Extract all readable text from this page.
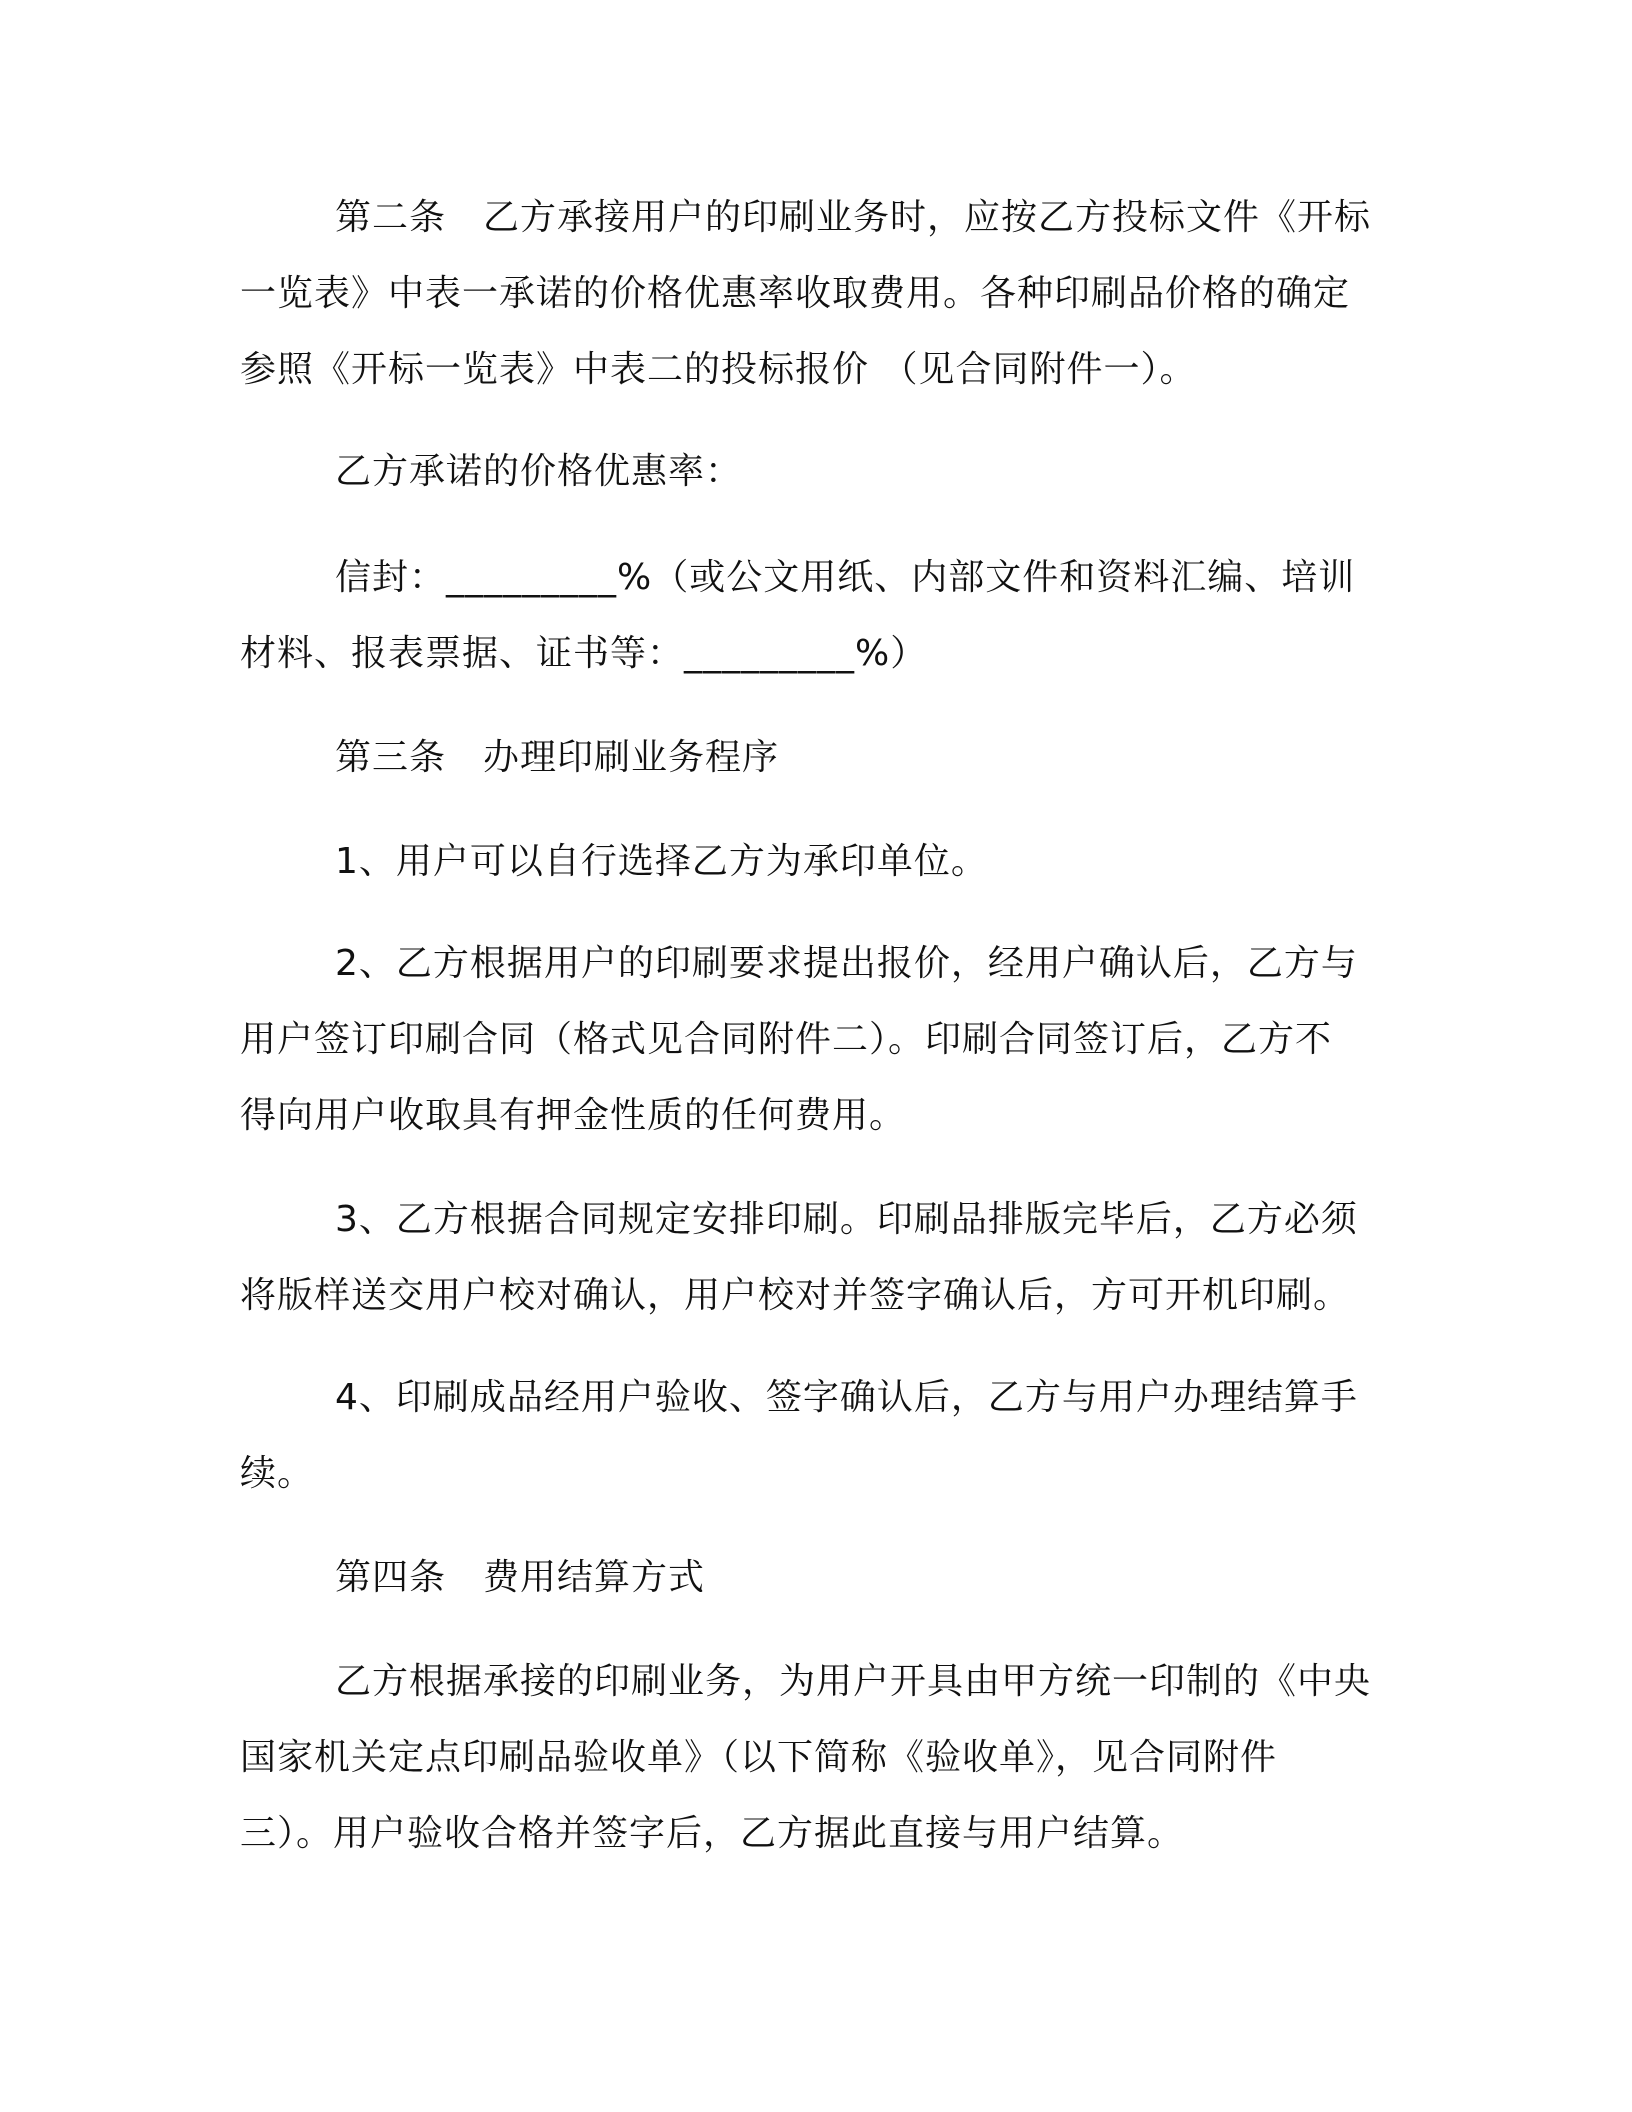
第二条　乙方承接用户的印刷业务时，应按乙方投标文件《开标

一览表》中表一承诺的价格优惠率收取费用。各种印刷品价格的确定

参照《开标一览表》中表二的投标报价 （见合同附件一）。

乙方承诺的价格优惠率：

信封：_________%（或公文用纸、内部文件和资料汇编、培训

材料、报表票据、证书等：_________%）

第三条　办理印刷业务程序

1、用户可以自行选择乙方为承印单位。

2、乙方根据用户的印刷要求提出报价，经用户确认后，乙方与

用户签订印刷合同（格式见合同附件二）。印刷合同签订后，乙方不

得向用户收取具有押金性质的任何费用。

3、乙方根据合同规定安排印刷。印刷品排版完毕后，乙方必须

将版样送交用户校对确认，用户校对并签字确认后，方可开机印刷。

4、印刷成品经用户验收、签字确认后，乙方与用户办理结算手

续。

第四条　费用结算方式

乙方根据承接的印刷业务，为用户开具由甲方统一印制的《中央

国家机关定点印刷品验收单》（以下简称《验收单》，见合同附件

三）。用户验收合格并签字后，乙方据此直接与用户结算。
